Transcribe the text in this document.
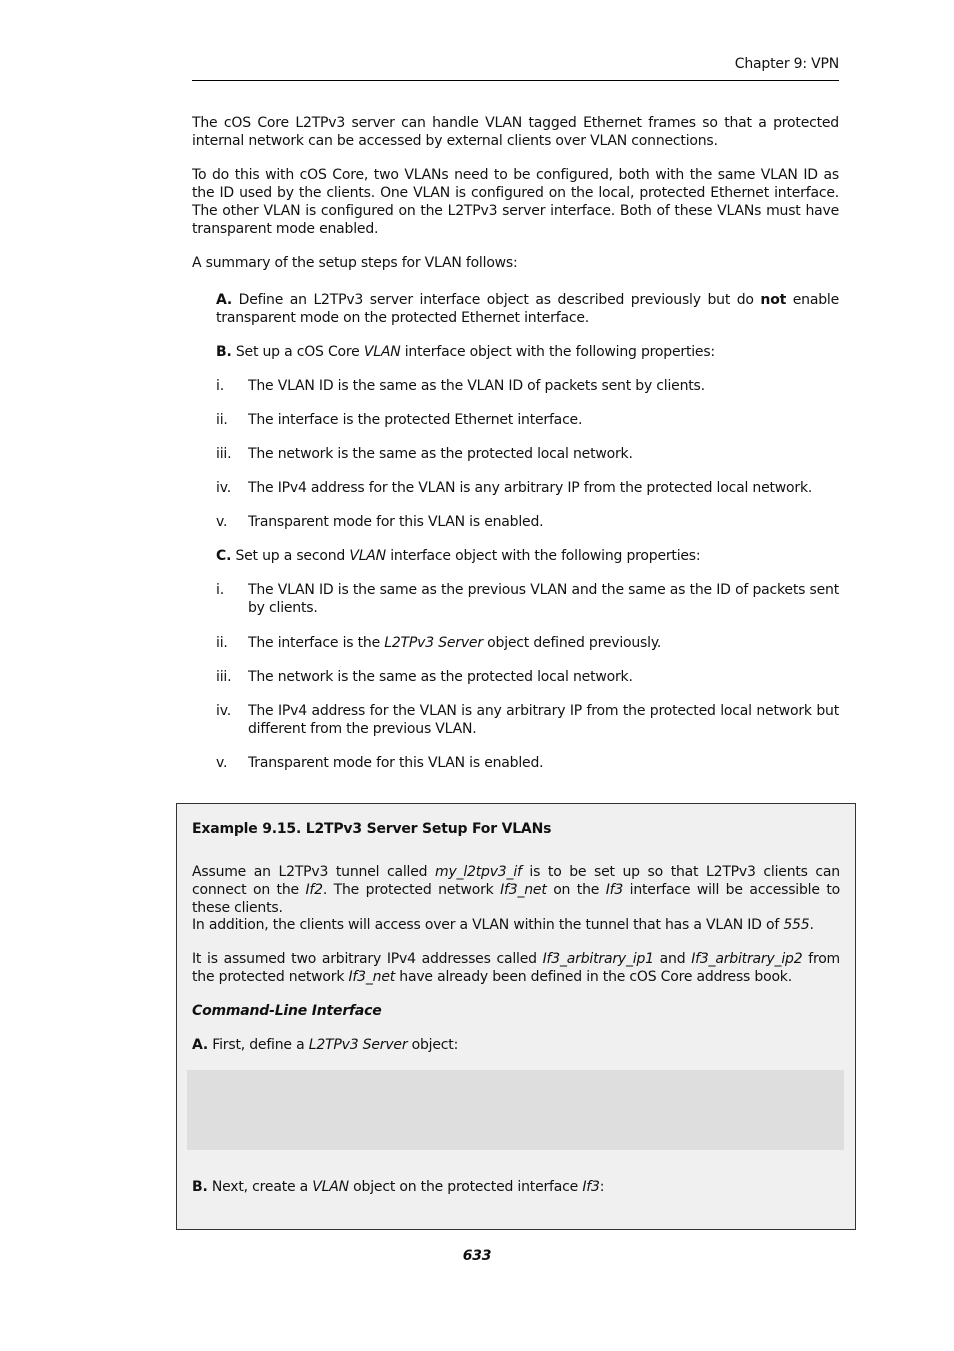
Chapter 9: VPN

The cOS Core L2TPv3 server can handle VLAN tagged Ethernet frames so that a protected internal network can be accessed by external clients over VLAN connections.

To do this with cOS Core, two VLANs need to be configured, both with the same VLAN ID as the ID used by the clients. One VLAN is configured on the local, protected Ethernet interface. The other VLAN is configured on the L2TPv3 server interface. Both of these VLANs must have transparent mode enabled.

A summary of the setup steps for VLAN follows:

A. Define an L2TPv3 server interface object as described previously but do not enable transparent mode on the protected Ethernet interface.

B. Set up a cOS Core VLAN interface object with the following properties:

i. The VLAN ID is the same as the VLAN ID of packets sent by clients.
ii. The interface is the protected Ethernet interface.
iii. The network is the same as the protected local network.
iv. The IPv4 address for the VLAN is any arbitrary IP from the protected local network.
v. Transparent mode for this VLAN is enabled.

C. Set up a second VLAN interface object with the following properties:

i. The VLAN ID is the same as the previous VLAN and the same as the ID of packets sent by clients.
ii. The interface is the L2TPv3 Server object defined previously.
iii. The network is the same as the protected local network.
iv. The IPv4 address for the VLAN is any arbitrary IP from the protected local network but different from the previous VLAN.
v. Transparent mode for this VLAN is enabled.
Example 9.15. L2TPv3 Server Setup For VLANs

Assume an L2TPv3 tunnel called my_l2tpv3_if is to be set up so that L2TPv3 clients can connect on the If2. The protected network If3_net on the If3 interface will be accessible to these clients.

In addition, the clients will access over a VLAN within the tunnel that has a VLAN ID of 555.

It is assumed two arbitrary IPv4 addresses called If3_arbitrary_ip1 and If3_arbitrary_ip2 from the protected network If3_net have already been defined in the cOS Core address book.

Command-Line Interface

A. First, define a L2TPv3 Server object:

B. Next, create a VLAN object on the protected interface If3:

633
